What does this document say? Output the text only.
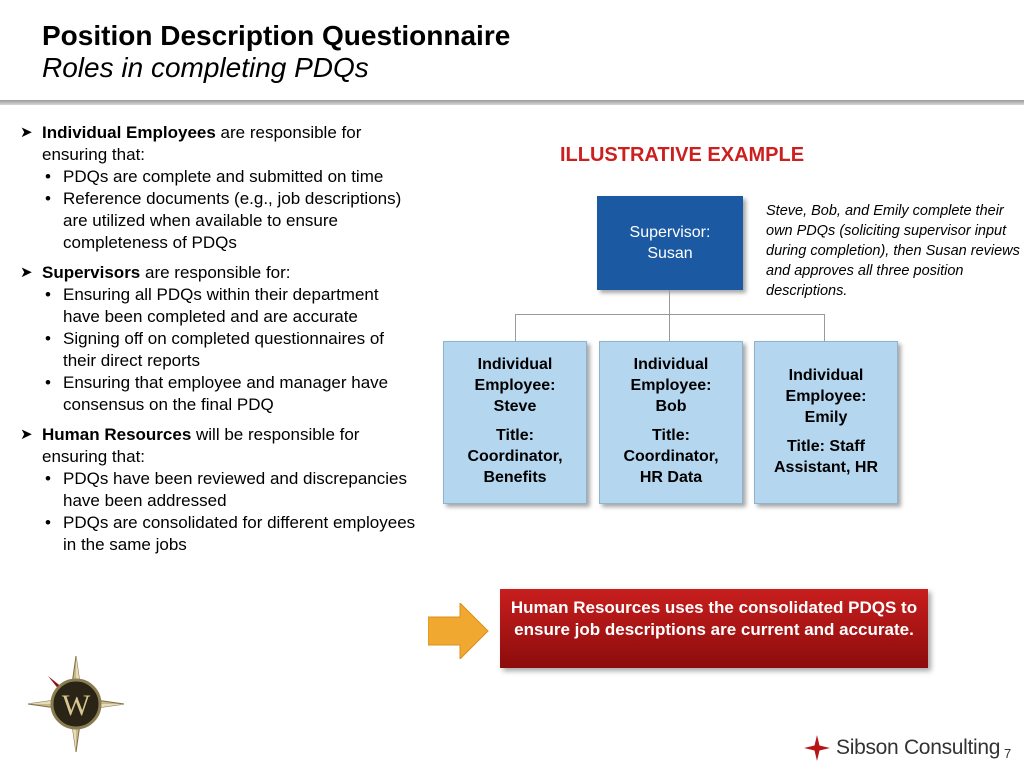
Position Description Questionnaire

Roles in completing PDQs

➤ Individual Employees are responsible for ensuring that:
• PDQs are complete and submitted on time
• Reference documents (e.g., job descriptions) are utilized when available to ensure completeness of PDQs
➤ Supervisors are responsible for:
• Ensuring all PDQs within their department have been completed and are accurate
• Signing off on completed questionnaires of their direct reports
• Ensuring that employee and manager have consensus on the final PDQ
➤ Human Resources will be responsible for ensuring that:
• PDQs have been reviewed and discrepancies have been addressed
• PDQs are consolidated for different employees in the same jobs
ILLUSTRATIVE EXAMPLE
Supervisor:
Susan
Individual
Employee:
Steve
Title:
Coordinator,
Benefits
Individual
Employee:
Bob
Title:
Coordinator,
HR Data
Individual
Employee:
Emily
Title: Staff
Assistant, HR
Steve, Bob, and Emily complete their own PDQs (soliciting supervisor input during completion), then Susan reviews and approves all three position descriptions.
Human Resources uses the consolidated PDQS to ensure job descriptions are current and accurate.
W
Sibson Consulting 7
